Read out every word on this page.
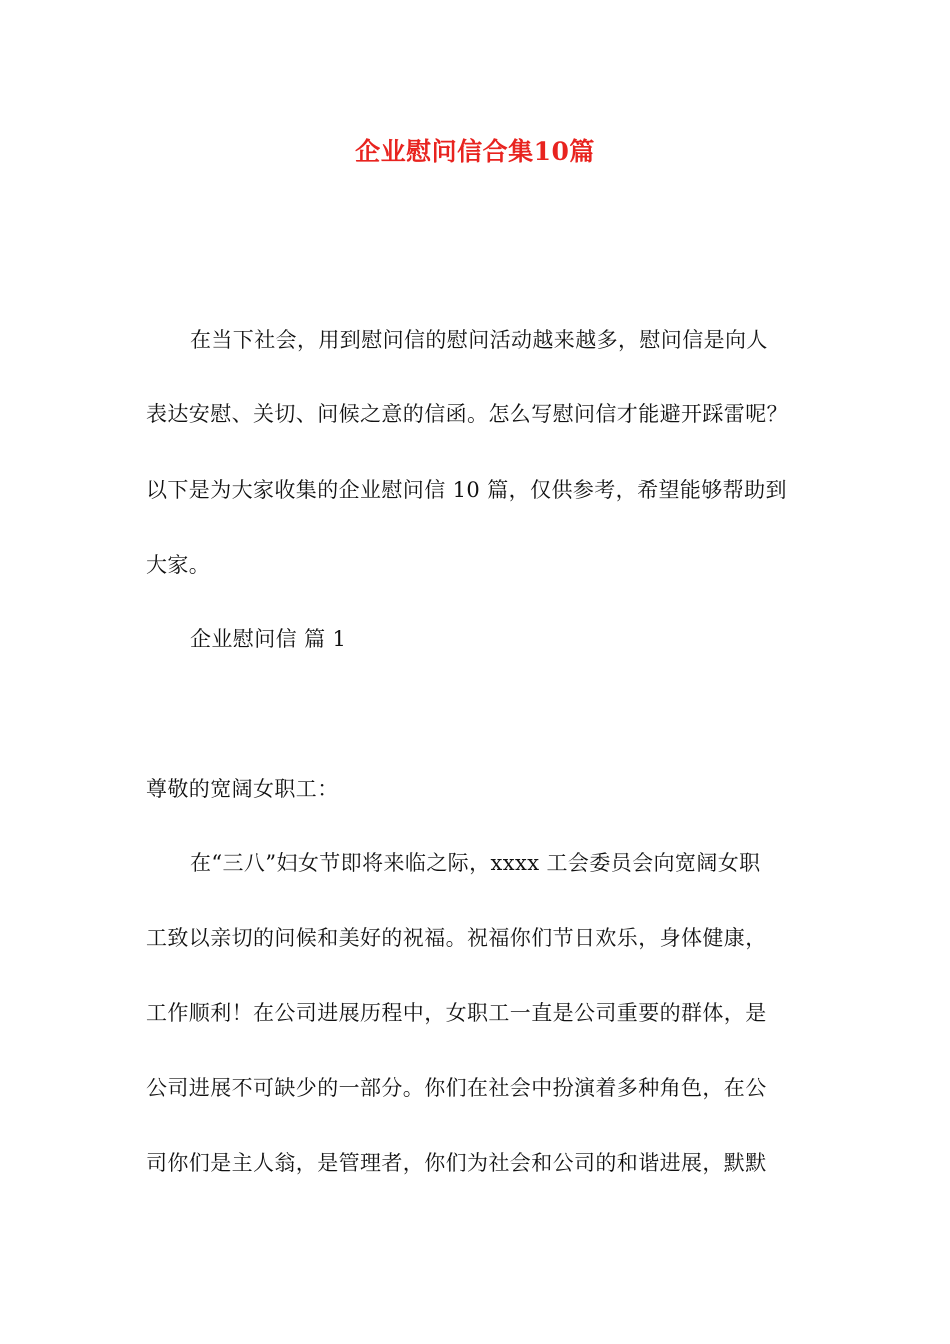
企业慰问信合集10篇
在当下社会，用到慰问信的慰问活动越来越多，慰问信是向人
表达安慰、关切、问候之意的信函。怎么写慰问信才能避开踩雷呢？
以下是为大家收集的企业慰问信 10 篇，仅供参考，希望能够帮助到
大家。
企业慰问信 篇 1
尊敬的宽阔女职工：
在“三八”妇女节即将来临之际，xxxx 工会委员会向宽阔女职
工致以亲切的问候和美好的祝福。祝福你们节日欢乐，身体健康，
工作顺利！在公司进展历程中，女职工一直是公司重要的群体，是
公司进展不可缺少的一部分。你们在社会中扮演着多种角色，在公
司你们是主人翁，是管理者，你们为社会和公司的和谐进展，默默
